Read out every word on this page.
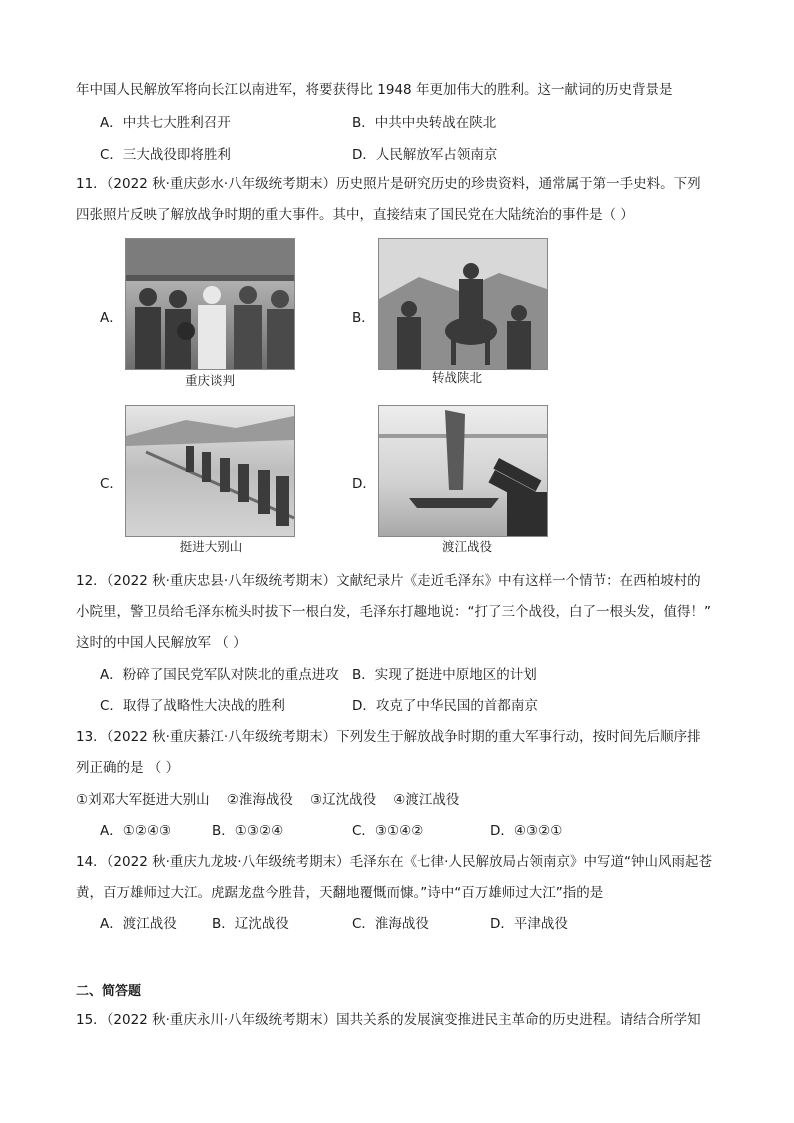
年中国人民解放军将向长江以南进军，将要获得比 1948 年更加伟大的胜利。这一献词的历史背景是
A．中共七大胜利召开	B．中共中央转战在陕北
C．三大战役即将胜利	D．人民解放军占领南京
11．（2022 秋·重庆彭水·八年级统考期末）历史照片是研究历史的珍贵资料，通常属于第一手史料。下列
四张照片反映了解放战争时期的重大事件。其中，直接结束了国民党在大陆统治的事件是（ ）
A．
重庆谈判
B．
转战陕北
C．
挺进大别山
D．
渡江战役
12．（2022 秋·重庆忠县·八年级统考期末）文献纪录片《走近毛泽东》中有这样一个情节：在西柏坡村的
小院里，警卫员给毛泽东梳头时拔下一根白发，毛泽东打趣地说：“打了三个战役，白了一根头发，值得！”
这时的中国人民解放军 （ ）
A．粉碎了国民党军队对陕北的重点进攻 B．实现了挺进中原地区的计划
C．取得了战略性大决战的胜利	D．攻克了中华民国的首都南京
13．（2022 秋·重庆綦江·八年级统考期末）下列发生于解放战争时期的重大军事行动，按时间先后顺序排
列正确的是 （ ）
①刘邓大军挺进大别山    ②淮海战役    ③辽沈战役    ④渡江战役
A．①②④③	B．①③②④	C．③①④②	D．④③②①
14．（2022 秋·重庆九龙坡·八年级统考期末）毛泽东在《七律·人民解放局占领南京》中写道“钟山风雨起苍
黄，百万雄师过大江。虎踞龙盘今胜昔，天翻地覆慨而慷。”诗中“百万雄师过大江”指的是
A．渡江战役	B．辽沈战役	C．淮海战役	D．平津战役
二、简答题
15．（2022 秋·重庆永川·八年级统考期末）国共关系的发展演变推进民主革命的历史进程。请结合所学知
